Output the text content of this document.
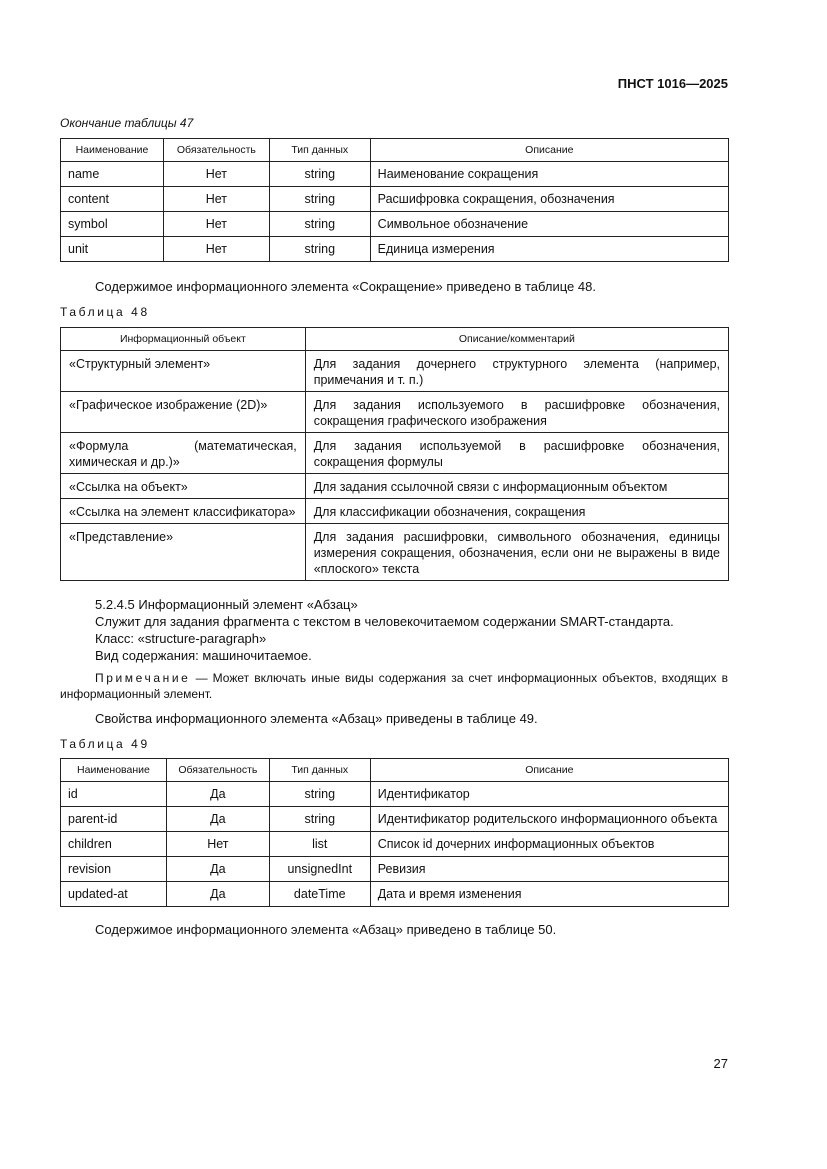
ПНСТ 1016—2025
Окончание таблицы 47
Наименование	Обязательность	Тип данных	Описание
name	Нет	string	Наименование сокращения
content	Нет	string	Расшифровка сокращения, обозначения
symbol	Нет	string	Символьное обозначение
unit	Нет	string	Единица измерения
Содержимое информационного элемента «Сокращение» приведено в таблице 48.
Таблица 48
Информационный объект	Описание/комментарий
«Структурный элемент»	Для задания дочернего структурного элемента (например, примечания и т. п.)
«Графическое изображение (2D)»	Для задания используемого в расшифровке обозначения, сокращения графического изображения
«Формула (математическая, химическая и др.)»	Для задания используемой в расшифровке обозначения, сокращения формулы
«Ссылка на объект»	Для задания ссылочной связи с информационным объектом
«Ссылка на элемент классификатора»	Для классификации обозначения, сокращения
«Представление»	Для задания расшифровки, символьного обозначения, единицы измерения сокращения, обозначения, если они не выражены в виде «плоского» текста
5.2.4.5 Информационный элемент «Абзац»
Служит для задания фрагмента с текстом в человекочитаемом содержании SMART-стандарта.
Класс: «structure-paragraph»
Вид содержания: машиночитаемое.
Примечание — Может включать иные виды содержания за счет информационных объектов, входящих в информационный элемент.
Свойства информационного элемента «Абзац» приведены в таблице 49.
Таблица 49
Наименование	Обязательность	Тип данных	Описание
id	Да	string	Идентификатор
parent-id	Да	string	Идентификатор родительского информационного объекта
children	Нет	list	Список id дочерних информационных объектов
revision	Да	unsignedInt	Ревизия
updated-at	Да	dateTime	Дата и время изменения
Содержимое информационного элемента «Абзац» приведено в таблице 50.
27
